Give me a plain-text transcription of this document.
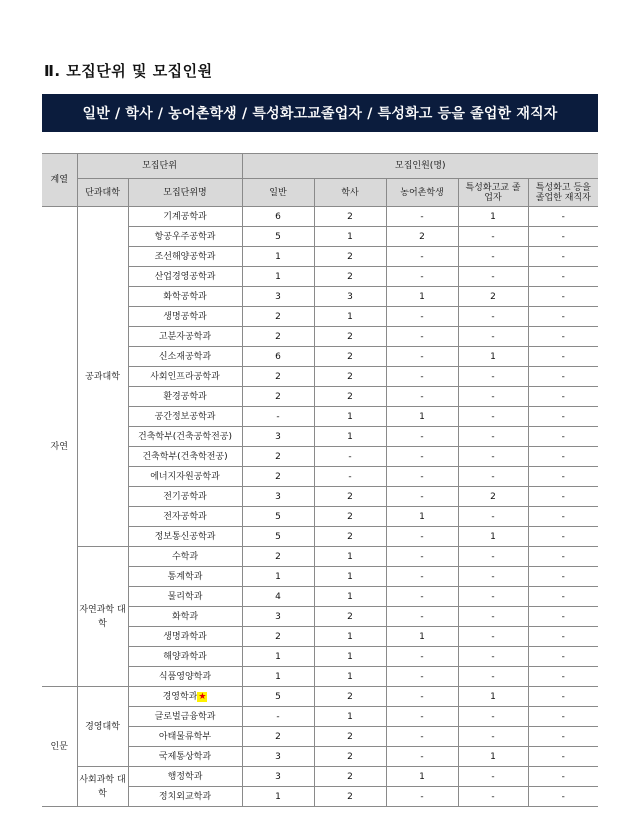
Ⅱ. 모집단위 및 모집인원
일반 / 학사 / 농어촌학생 / 특성화고교졸업자 / 특성화고 등을 졸업한 재직자
계열	모집단위		모집인원(명)				
	단과대학	모집단위명	일반	학사	농어촌학생	특성화고교 졸업자	특성화고 등을 졸업한 재직자
자연	공과대학	기계공학과	6	2	-	1	-
		항공우주공학과	5	1	2	-	-
		조선해양공학과	1	2	-	-	-
		산업경영공학과	1	2	-	-	-
		화학공학과	3	3	1	2	-
		생명공학과	2	1	-	-	-
		고분자공학과	2	2	-	-	-
		신소재공학과	6	2	-	1	-
		사회인프라공학과	2	2	-	-	-
		환경공학과	2	2	-	-	-
		공간정보공학과	-	1	1	-	-
		건축학부(건축공학전공)	3	1	-	-	-
		건축학부(건축학전공)	2	-	-	-	-
		에너지자원공학과	2	-	-	-	-
		전기공학과	3	2	-	2	-
		전자공학과	5	2	1	-	-
		정보통신공학과	5	2	-	1	-
	자연과학 대학	수학과	2	1	-	-	-
		통계학과	1	1	-	-	-
		물리학과	4	1	-	-	-
		화학과	3	2	-	-	-
		생명과학과	2	1	1	-	-
		해양과학과	1	1	-	-	-
		식품영양학과	1	1	-	-	-
인문	경영대학	경영학과★	5	2	-	1	-
		글로벌금융학과	-	1	-	-	-
		아태물류학부	2	2	-	-	-
		국제통상학과	3	2	-	1	-
	사회과학 대학	행정학과	3	2	1	-	-
		정치외교학과	1	2	-	-	-
